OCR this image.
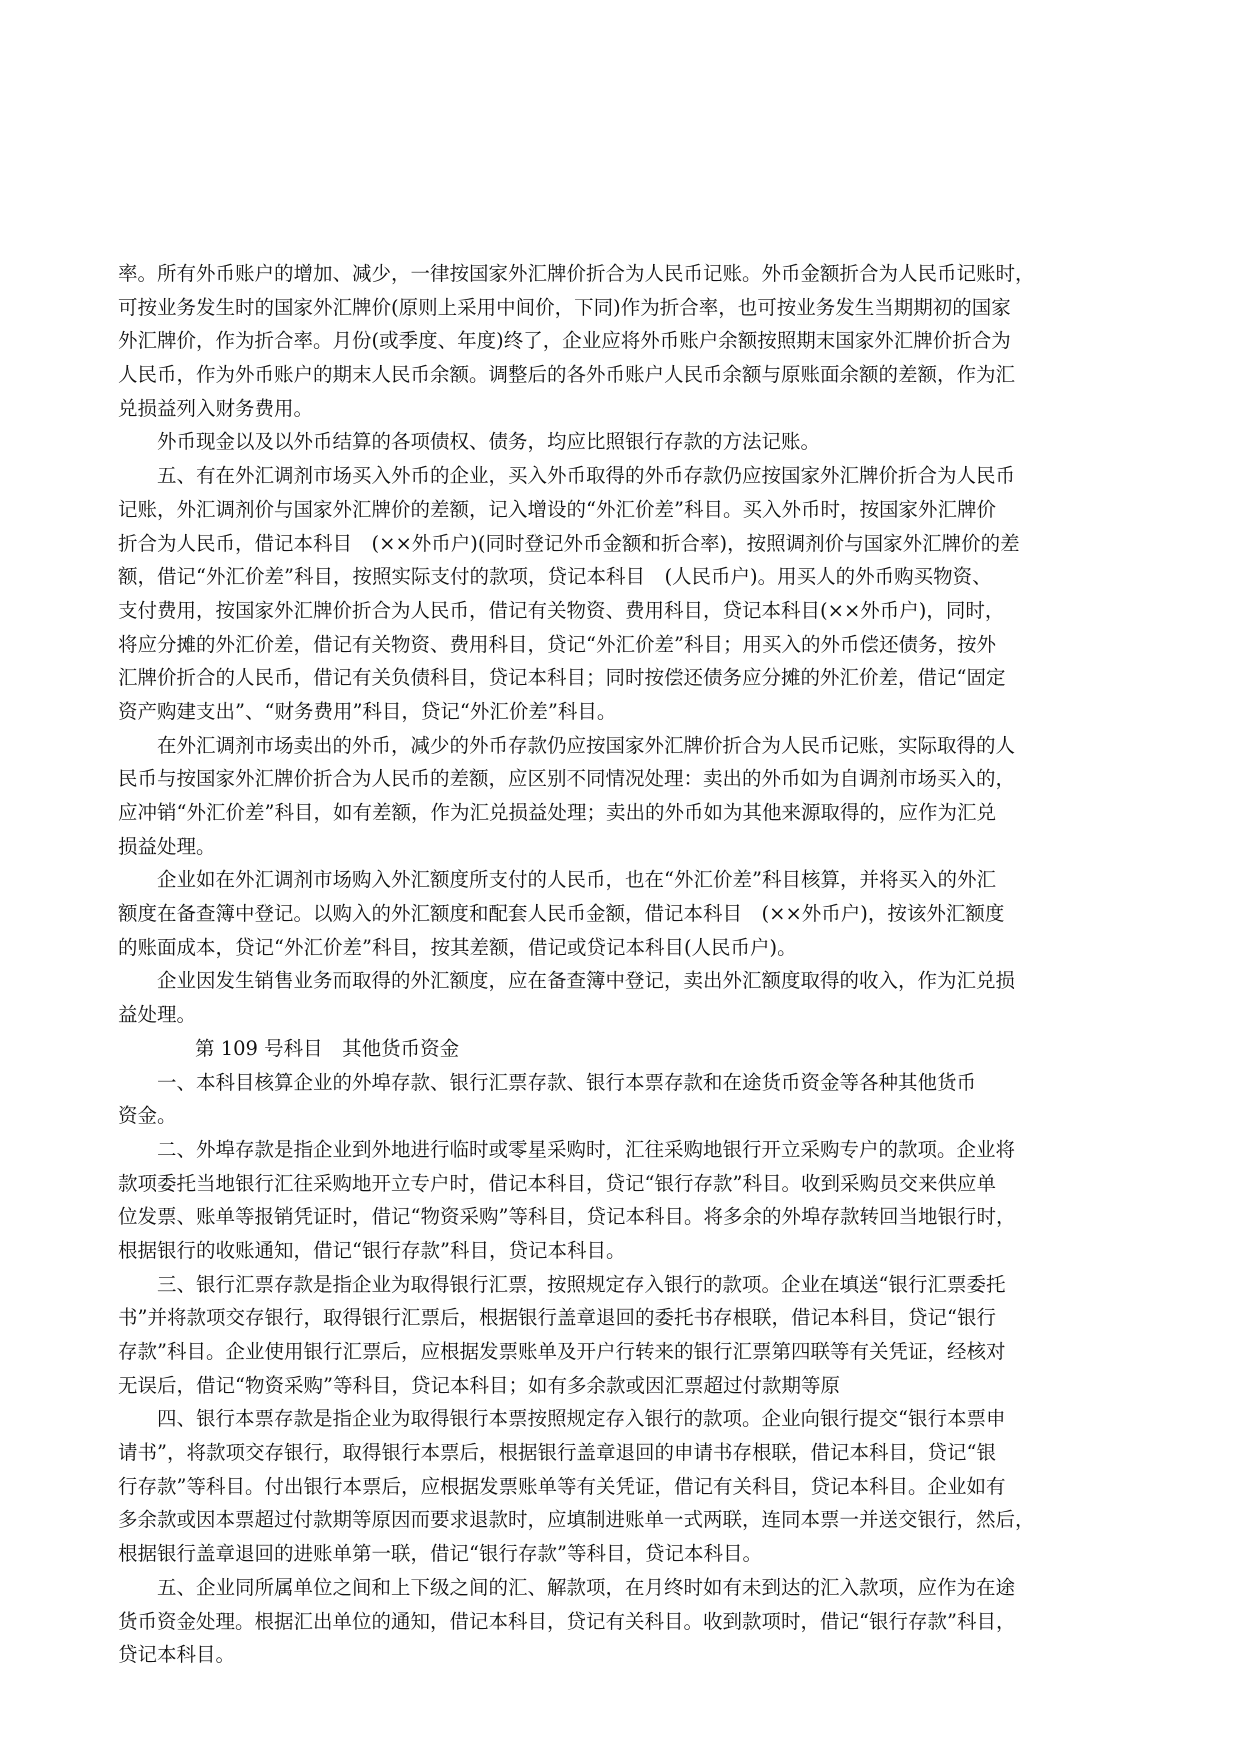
率。所有外币账户的增加、减少，一律按国家外汇牌价折合为人民币记账。外币金额折合为人民币记账时，
可按业务发生时的国家外汇牌价(原则上采用中间价，下同)作为折合率，也可按业务发生当期期初的国家
外汇牌价，作为折合率。月份(或季度、年度)终了，企业应将外币账户余额按照期末国家外汇牌价折合为
人民币，作为外币账户的期末人民币余额。调整后的各外币账户人民币余额与原账面余额的差额，作为汇
兑损益列入财务费用。
外币现金以及以外币结算的各项债权、债务，均应比照银行存款的方法记账。
五、有在外汇调剂市场买入外币的企业，买入外币取得的外币存款仍应按国家外汇牌价折合为人民币
记账，外汇调剂价与国家外汇牌价的差额，记入增设的“外汇价差”科目。买入外币时，按国家外汇牌价
折合为人民币，借记本科目　(××外币户)(同时登记外币金额和折合率)，按照调剂价与国家外汇牌价的差
额，借记“外汇价差”科目，按照实际支付的款项，贷记本科目　(人民币户)。用买人的外币购买物资、
支付费用，按国家外汇牌价折合为人民币，借记有关物资、费用科目，贷记本科目(××外币户)，同时，
将应分摊的外汇价差，借记有关物资、费用科目，贷记“外汇价差”科目；用买入的外币偿还债务，按外
汇牌价折合的人民币，借记有关负债科目，贷记本科目；同时按偿还债务应分摊的外汇价差，借记“固定
资产购建支出”、“财务费用”科目，贷记“外汇价差”科目。
在外汇调剂市场卖出的外币，减少的外币存款仍应按国家外汇牌价折合为人民币记账，实际取得的人
民币与按国家外汇牌价折合为人民币的差额，应区别不同情况处理：卖出的外币如为自调剂市场买入的，
应冲销“外汇价差”科目，如有差额，作为汇兑损益处理；卖出的外币如为其他来源取得的，应作为汇兑
损益处理。
企业如在外汇调剂市场购入外汇额度所支付的人民币，也在“外汇价差”科目核算，并将买入的外汇
额度在备查簿中登记。以购入的外汇额度和配套人民币金额，借记本科目　(××外币户)，按该外汇额度
的账面成本，贷记“外汇价差”科目，按其差额，借记或贷记本科目(人民币户)。
企业因发生销售业务而取得的外汇额度，应在备查簿中登记，卖出外汇额度取得的收入，作为汇兑损
益处理。
第 109 号科目　其他货币资金
一、本科目核算企业的外埠存款、银行汇票存款、银行本票存款和在途货币资金等各种其他货币
资金。
二、外埠存款是指企业到外地进行临时或零星采购时，汇往采购地银行开立采购专户的款项。企业将
款项委托当地银行汇往采购地开立专户时，借记本科目，贷记“银行存款”科目。收到采购员交来供应单
位发票、账单等报销凭证时，借记“物资采购”等科目，贷记本科目。将多余的外埠存款转回当地银行时，
根据银行的收账通知，借记“银行存款”科目，贷记本科目。
三、银行汇票存款是指企业为取得银行汇票，按照规定存入银行的款项。企业在填送“银行汇票委托
书”并将款项交存银行，取得银行汇票后，根据银行盖章退回的委托书存根联，借记本科目，贷记“银行
存款”科目。企业使用银行汇票后，应根据发票账单及开户行转来的银行汇票第四联等有关凭证，经核对
无误后，借记“物资采购”等科目，贷记本科目；如有多余款或因汇票超过付款期等原
四、银行本票存款是指企业为取得银行本票按照规定存入银行的款项。企业向银行提交“银行本票申
请书”，将款项交存银行，取得银行本票后，根据银行盖章退回的申请书存根联，借记本科目，贷记“银
行存款”等科目。付出银行本票后，应根据发票账单等有关凭证，借记有关科目，贷记本科目。企业如有
多余款或因本票超过付款期等原因而要求退款时，应填制进账单一式两联，连同本票一并送交银行，然后，
根据银行盖章退回的进账单第一联，借记“银行存款”等科目，贷记本科目。
五、企业同所属单位之间和上下级之间的汇、解款项，在月终时如有未到达的汇入款项，应作为在途
货币资金处理。根据汇出单位的通知，借记本科目，贷记有关科目。收到款项时，借记“银行存款”科目，
贷记本科目。
